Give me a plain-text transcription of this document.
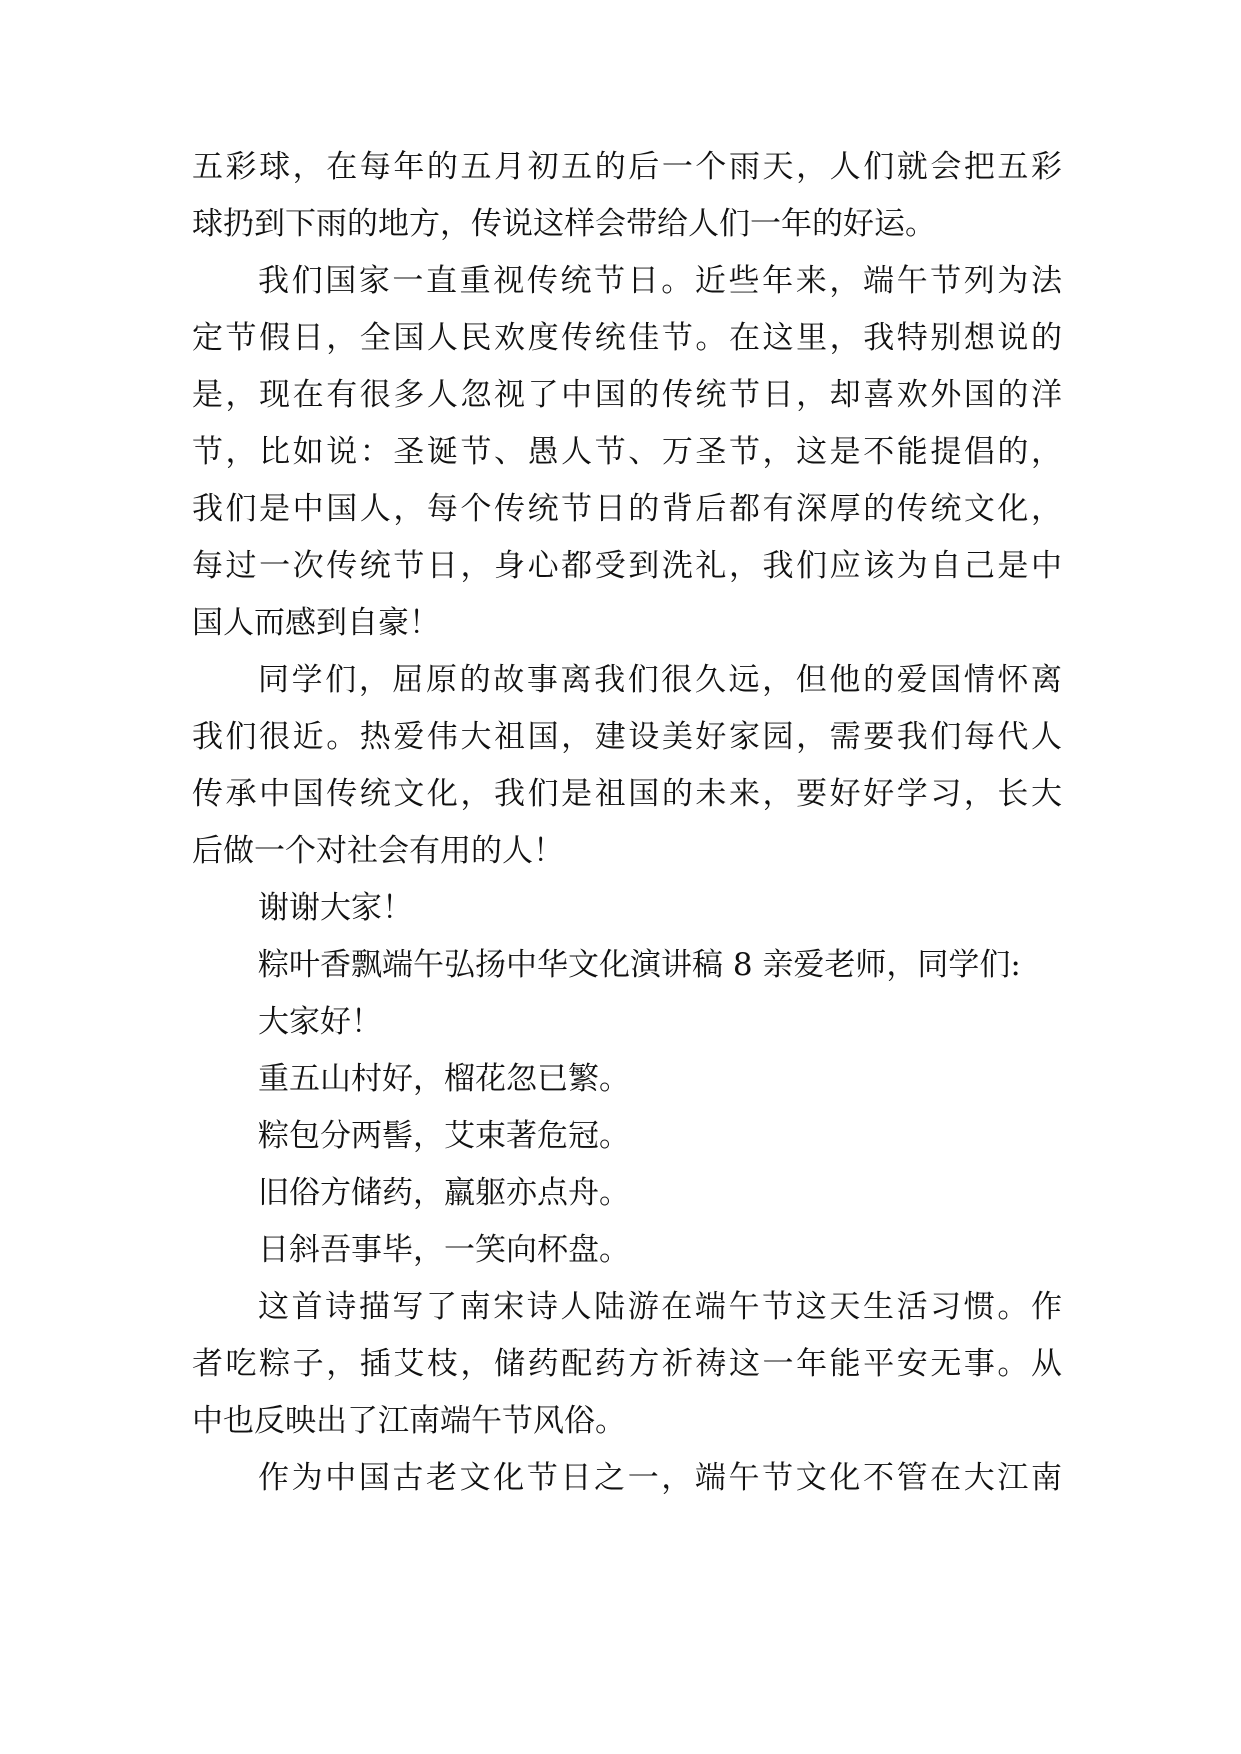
五彩球，在每年的五月初五的后一个雨天，人们就会把五彩
球扔到下雨的地方，传说这样会带给人们一年的好运。
我们国家一直重视传统节日。近些年来，端午节列为法
定节假日，全国人民欢度传统佳节。在这里，我特别想说的
是，现在有很多人忽视了中国的传统节日，却喜欢外国的洋
节，比如说：圣诞节、愚人节、万圣节，这是不能提倡的，
我们是中国人，每个传统节日的背后都有深厚的传统文化，
每过一次传统节日，身心都受到洗礼，我们应该为自己是中
国人而感到自豪！
同学们，屈原的故事离我们很久远，但他的爱国情怀离
我们很近。热爱伟大祖国，建设美好家园，需要我们每代人
传承中国传统文化，我们是祖国的未来，要好好学习，长大
后做一个对社会有用的人！
谢谢大家！
粽叶香飘端午弘扬中华文化演讲稿 8 亲爱老师，同学们:
大家好！
重五山村好，榴花忽已繁。
粽包分两髻，艾束著危冠。
旧俗方储药，羸躯亦点舟。
日斜吾事毕，一笑向杯盘。
这首诗描写了南宋诗人陆游在端午节这天生活习惯。作
者吃粽子，插艾枝，储药配药方祈祷这一年能平安无事。从
中也反映出了江南端午节风俗。
作为中国古老文化节日之一，端午节文化不管在大江南
